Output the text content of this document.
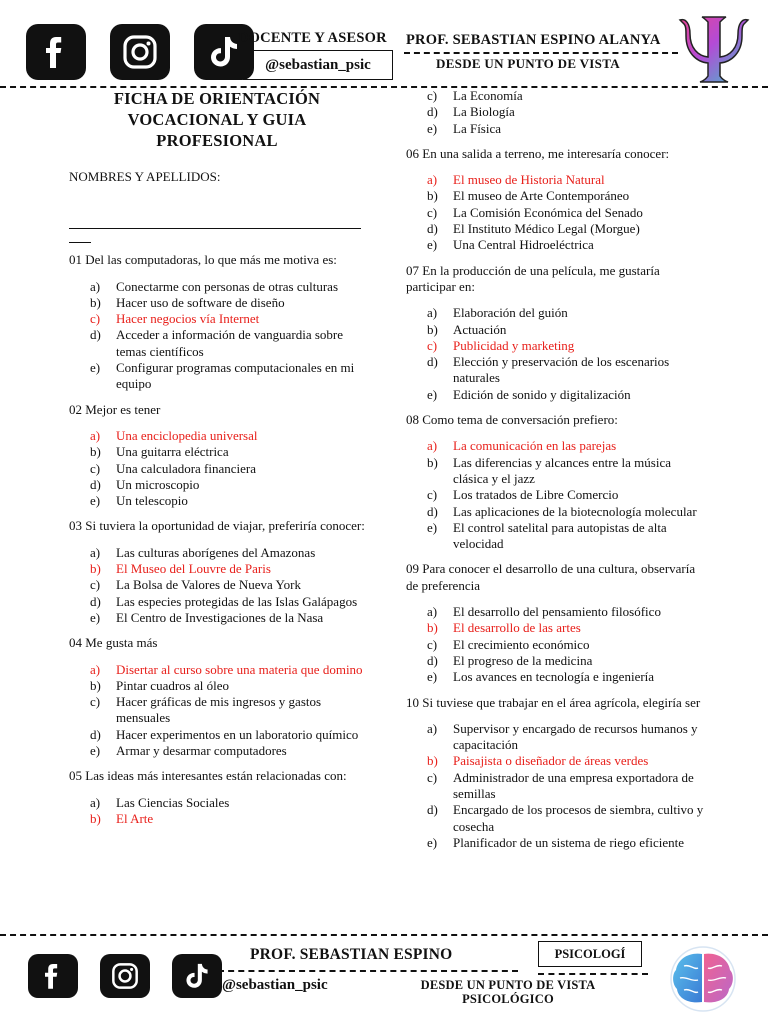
DOCENTE Y ASESOR
@sebastian_psic
PROF. SEBASTIAN ESPINO ALANYA
DESDE UN PUNTO DE VISTA
FICHA DE ORIENTACIÓN
VOCACIONAL Y GUIA
PROFESIONAL
NOMBRES Y APELLIDOS:
01 Del las computadoras, lo que más me motiva es:
a)	Conectarme con personas de otras culturas
b)	Hacer uso de software de diseño
c)	Hacer negocios vía Internet
d)	Acceder a información de vanguardia sobre temas científicos
e)	Configurar programas computacionales en mi equipo
02 Mejor es tener
a)	Una enciclopedia universal
b)	Una guitarra eléctrica
c)	Una calculadora financiera
d)	Un microscopio
e)	Un telescopio
03 Si tuviera la oportunidad de viajar, preferiría conocer:
a)	Las culturas aborígenes del Amazonas
b)	El Museo del Louvre de Paris
c)	La Bolsa de Valores de Nueva York
d)	Las especies protegidas de las Islas Galápagos
e)	El Centro de Investigaciones de la Nasa
04 Me gusta más
a)	Disertar al curso sobre una materia que domino
b)	Pintar cuadros al óleo
c)	Hacer gráficas de mis ingresos y gastos mensuales
d)	Hacer experimentos en un laboratorio químico
e)	Armar y desarmar computadores
05 Las ideas más interesantes están relacionadas con:
a)	Las Ciencias Sociales
b)	El Arte
c)	La Economía
d)	La Biología
e)	La Física
06 En una salida a terreno, me interesaría conocer:
a)	El museo de Historia Natural
b)	El museo de Arte Contemporáneo
c)	La Comisión Económica del Senado
d)	El Instituto Médico Legal (Morgue)
e)	Una Central Hidroeléctrica
07 En la producción de una película, me gustaría participar en:
a)	Elaboración del guión
b)	Actuación
c)	Publicidad y marketing
d)	Elección y preservación de los escenarios naturales
e)	Edición de sonido y digitalización
08 Como tema de conversación prefiero:
a)	La comunicación en las parejas
b)	Las diferencias y alcances entre la música clásica y el jazz
c)	Los tratados de Libre Comercio
d)	Las aplicaciones de la biotecnología molecular
e)	El control satelital para autopistas de alta velocidad
09 Para conocer el desarrollo de una cultura, observaría de preferencia
a)	El desarrollo del pensamiento filosófico
b)	El desarrollo de las artes
c)	El crecimiento económico
d)	El progreso de la medicina
e)	Los avances en tecnología e ingeniería
10 Si tuviese que trabajar en el área agrícola, elegiría ser
a)	Supervisor y encargado de recursos humanos y capacitación
b)	Paisajista o diseñador de áreas verdes
c)	Administrador de una empresa exportadora de semillas
d)	Encargado de los procesos de siembra, cultivo y cosecha
e)	Planificador de un sistema de riego eficiente
PROF. SEBASTIAN ESPINO
@sebastian_psic
PSICOLOGÍ
DESDE UN PUNTO DE VISTA
PSICOLÓGICO
